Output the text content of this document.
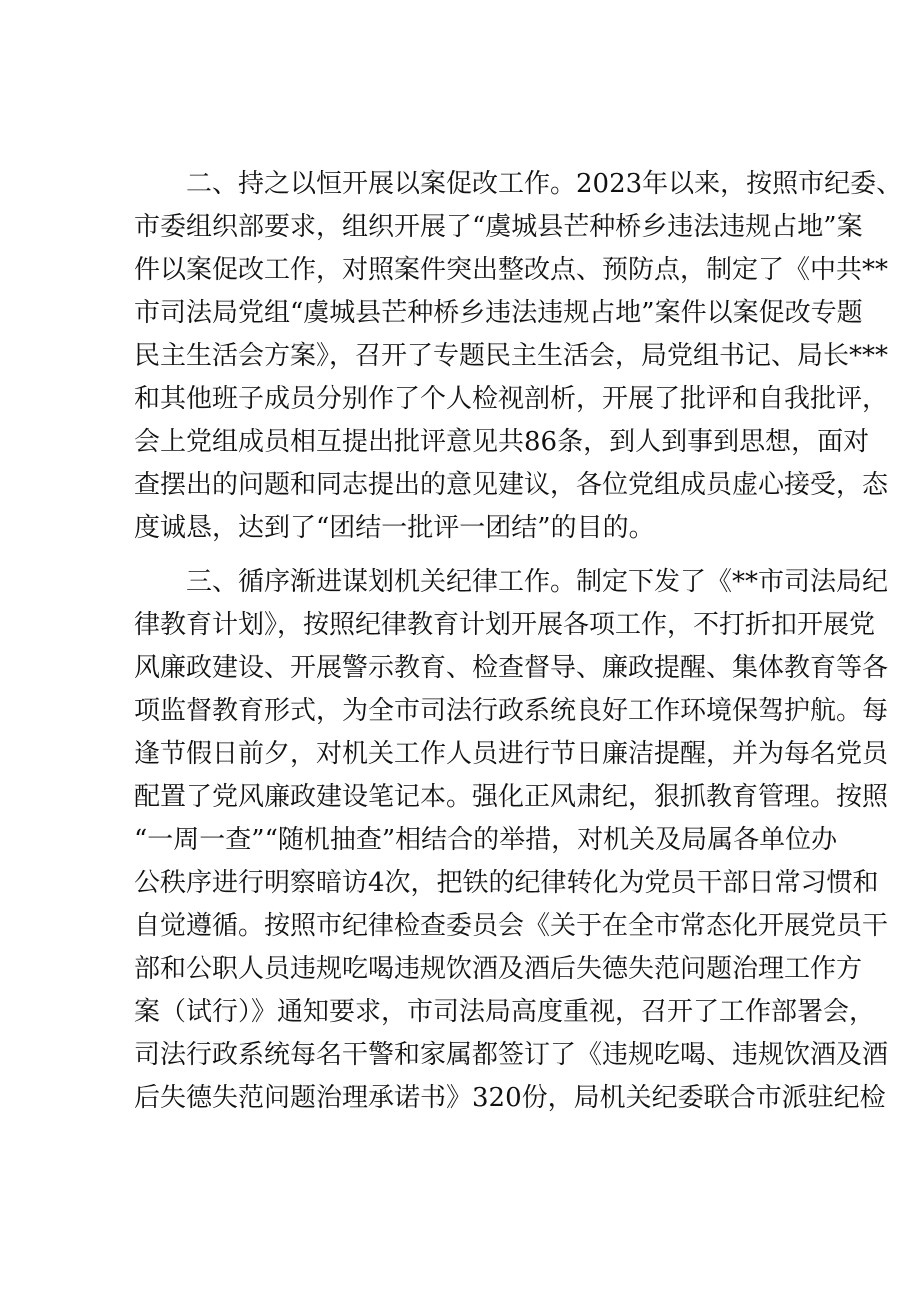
二、持之以恒开展以案促改工作。2023年以来，按照市纪委、

市委组织部要求，组织开展了“虞城县芒种桥乡违法违规占地”案

件以案促改工作，对照案件突出整改点、预防点，制定了《中共**

市司法局党组“虞城县芒种桥乡违法违规占地”案件以案促改专题

民主生活会方案》，召开了专题民主生活会，局党组书记、局长***

和其他班子成员分别作了个人检视剖析，开展了批评和自我批评，

会上党组成员相互提出批评意见共86条，到人到事到思想，面对

查摆出的问题和同志提出的意见建议，各位党组成员虚心接受，态

度诚恳，达到了“团结一批评一团结”的目的。

三、循序渐进谋划机关纪律工作。制定下发了《**市司法局纪

律教育计划》，按照纪律教育计划开展各项工作，不打折扣开展党

风廉政建设、开展警示教育、检查督导、廉政提醒、集体教育等各

项监督教育形式，为全市司法行政系统良好工作环境保驾护航。每

逢节假日前夕，对机关工作人员进行节日廉洁提醒，并为每名党员

配置了党风廉政建设笔记本。强化正风肃纪，狠抓教育管理。按照

“一周一查”“随机抽查”相结合的举措，对机关及局属各单位办

公秩序进行明察暗访4次，把铁的纪律转化为党员干部日常习惯和

自觉遵循。按照市纪律检查委员会《关于在全市常态化开展党员干

部和公职人员违规吃喝违规饮酒及酒后失德失范问题治理工作方

案（试行）》通知要求，市司法局高度重视，召开了工作部署会，

司法行政系统每名干警和家属都签订了《违规吃喝、违规饮酒及酒

后失德失范问题治理承诺书》320份，局机关纪委联合市派驻纪检
